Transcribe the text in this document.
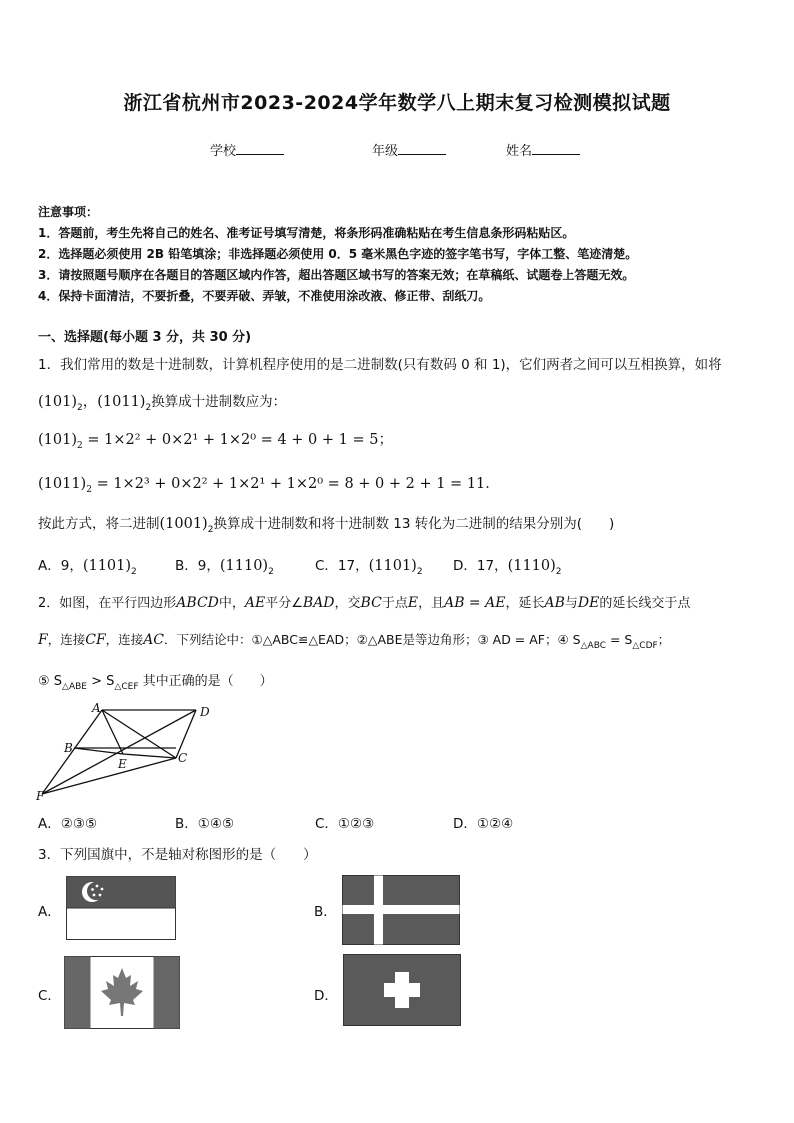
浙江省杭州市2023-2024学年数学八上期末复习检测模拟试题
学校	年级	姓名
注意事项：
1．答题前，考生先将自己的姓名、准考证号填写清楚，将条形码准确粘贴在考生信息条形码粘贴区。
2．选择题必须使用 2B 铅笔填涂；非选择题必须使用 0．5 毫米黑色字迹的签字笔书写，字体工整、笔迹清楚。
3．请按照题号顺序在各题目的答题区域内作答，超出答题区域书写的答案无效；在草稿纸、试题卷上答题无效。
4．保持卡面清洁，不要折叠，不要弄破、弄皱，不准使用涂改液、修正带、刮纸刀。
一、选择题(每小题 3 分，共 30 分)
1．我们常用的数是十进制数，计算机程序使用的是二进制数(只有数码 0 和 1)，它们两者之间可以互相换算，如将
$(101)_2$，$(1011)_2$换算成十进制数应为：
$(101)_2 = 1\times 2^2 + 0\times 2^1 + 1\times 2^0 = 4 + 0 + 1 = 5$；
$(1011)_2 = 1\times 2^3 + 0\times 2^2 + 1\times 2^1 + 1\times 2^0 = 8 + 0 + 2 + 1 = 11$．
按此方式，将二进制$(1001)_2$换算成十进制数和将十进制数 13 转化为二进制的结果分别为(　　)
A．9，$(1101)_2$	B．9，$(1110)_2$	C．17，$(1101)_2$ D．17，$(1110)_2$
2．如图，在平行四边形ABCD中，AE平分∠BAD，交BC于点E，且AB = AE，延长AB与DE的延长线交于点
F，连接CF，连接AC．下列结论中：①△ABC≌△EAD；②△ABE是等边角形；③ AD = AF；④ $S_{\triangle ABC} = S_{\triangle CDF}$；
⑤ $S_{\triangle ABE} > S_{\triangle CEF}$ 其中正确的是（　　）
A	D
B
C
E
F
A．②③⑤	B．①④⑤	C．①②③	D．①②④
3．下列国旗中，不是轴对称图形的是（　　）
A．	B．
C．	D．
